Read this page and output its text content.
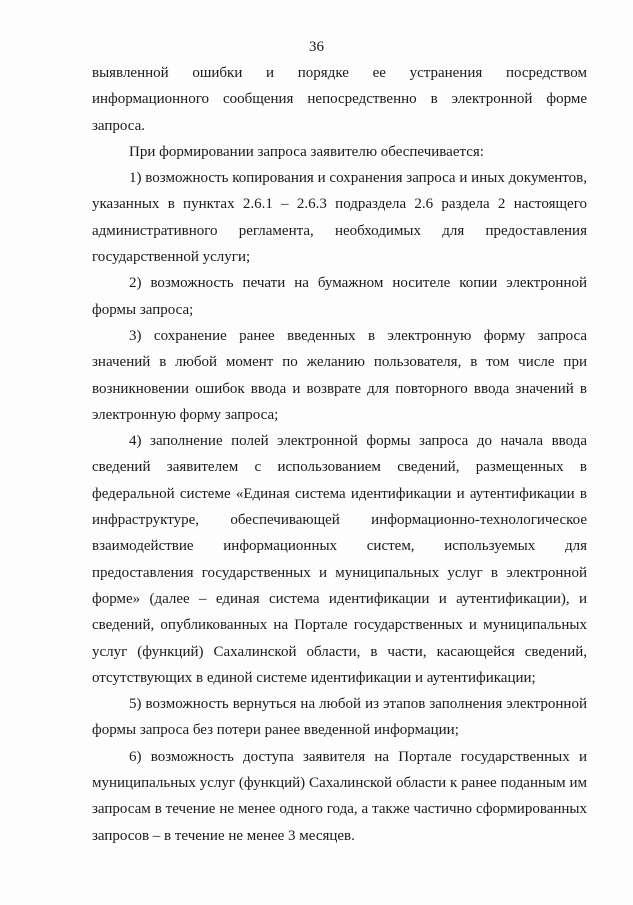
36

выявленной ошибки и порядке ее устранения посредством информационного сообщения непосредственно в электронной форме запроса.

При формировании запроса заявителю обеспечивается:

1) возможность копирования и сохранения запроса и иных документов, указанных в пунктах 2.6.1 – 2.6.3 подраздела 2.6 раздела 2 настоящего административного регламента, необходимых для предоставления государственной услуги;

2) возможность печати на бумажном носителе копии электронной формы запроса;

3) сохранение ранее введенных в электронную форму запроса значений в любой момент по желанию пользователя, в том числе при возникновении ошибок ввода и возврате для повторного ввода значений в электронную форму запроса;

4) заполнение полей электронной формы запроса до начала ввода сведений заявителем с использованием сведений, размещенных в федеральной системе «Единая система идентификации и аутентификации в инфраструктуре, обеспечивающей информационно-технологическое взаимодействие информационных систем, используемых для предоставления государственных и муниципальных услуг в электронной форме» (далее – единая система идентификации и аутентификации), и сведений, опубликованных на Портале государственных и муниципальных услуг (функций) Сахалинской области, в части, касающейся сведений, отсутствующих в единой системе идентификации и аутентификации;

5) возможность вернуться на любой из этапов заполнения электронной формы запроса без потери ранее введенной информации;

6) возможность доступа заявителя на Портале государственных и муниципальных услуг (функций) Сахалинской области к ранее поданным им запросам в течение не менее одного года, а также частично сформированных запросов – в течение не менее 3 месяцев.
